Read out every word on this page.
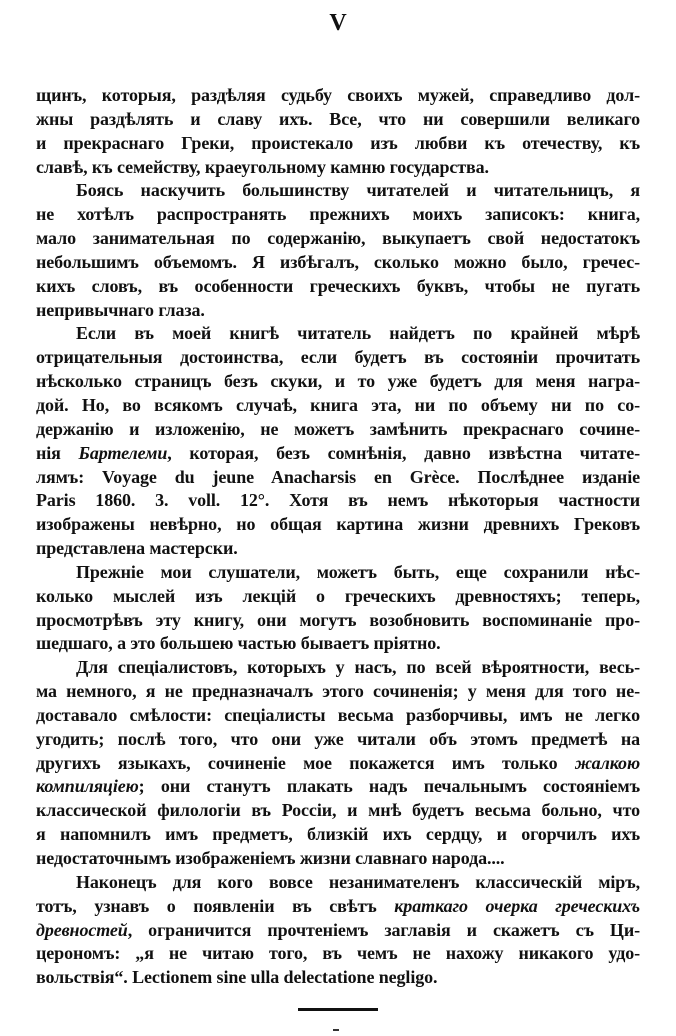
V
щинъ, которыя, раздѣляя судьбу своихъ мужей, справедливо дол-
жны раздѣлять и славу ихъ. Все, что ни совершили великаго
и прекраснаго Греки, проистекало изъ любви къ отечеству, къ
славѣ, къ семейству, краеугольному камню государства.
Боясь наскучить большинству читателей и читательницъ, я
не хотѣлъ распространять прежнихъ моихъ записокъ: книга,
мало занимательная по содержанію, выкупаетъ свой недостатокъ
небольшимъ объемомъ. Я избѣгалъ, сколько можно было, гречес-
кихъ словъ, въ особенности греческихъ буквъ, чтобы не пугать
непривычнаго глаза.
Если въ моей книгѣ читатель найдетъ по крайней мѣрѣ
отрицательныя достоинства, если будетъ въ состояніи прочитать
нѣсколько страницъ безъ скуки, и то уже будетъ для меня награ-
дой. Но, во всякомъ случаѣ, книга эта, ни по объему ни по со-
держанію и изложенію, не можетъ замѣнить прекраснаго сочине-
нія Бартелеми, которая, безъ сомнѣнія, давно извѣстна читате-
лямъ: Voyage du jeune Anacharsis en Grèce. Послѣднее изданіе
Paris 1860. 3. voll. 12°. Хотя въ немъ нѣкоторыя частности
изображены невѣрно, но общая картина жизни древнихъ Грековъ
представлена мастерски.
Прежніе мои слушатели, можетъ быть, еще сохранили нѣс-
колько мыслей изъ лекцій о греческихъ древностяхъ; теперь,
просмотрѣвъ эту книгу, они могутъ возобновить воспоминаніе про-
шедшаго, а это большею частью бываетъ пріятно.
Для спеціалистовъ, которыхъ у насъ, по всей вѣроятности, весь-
ма немного, я не предназначалъ этого сочиненія; у меня для того не-
доставало смѣлости: спеціалисты весьма разборчивы, имъ не легко
угодить; послѣ того, что они уже читали объ этомъ предметѣ на
другихъ языкахъ, сочиненіе мое покажется имъ только жалкою
компиляціею; они станутъ плакать надъ печальнымъ состояніемъ
классической филологіи въ Россіи, и мнѣ будетъ весьма больно, что
я напомнилъ имъ предметъ, близкій ихъ сердцу, и огорчилъ ихъ
недостаточнымъ изображеніемъ жизни славнаго народа....
Наконецъ для кого вовсе незанимателенъ классическій міръ,
тотъ, узнавъ о появленіи въ свѣтъ краткаго очерка греческихъ
древностей, ограничится прочтеніемъ заглавія и скажетъ съ Ци-
церономъ: „я не читаю того, въ чемъ не нахожу никакого удо-
вольствія“. Lectionem sine ulla delectatione negligo.
